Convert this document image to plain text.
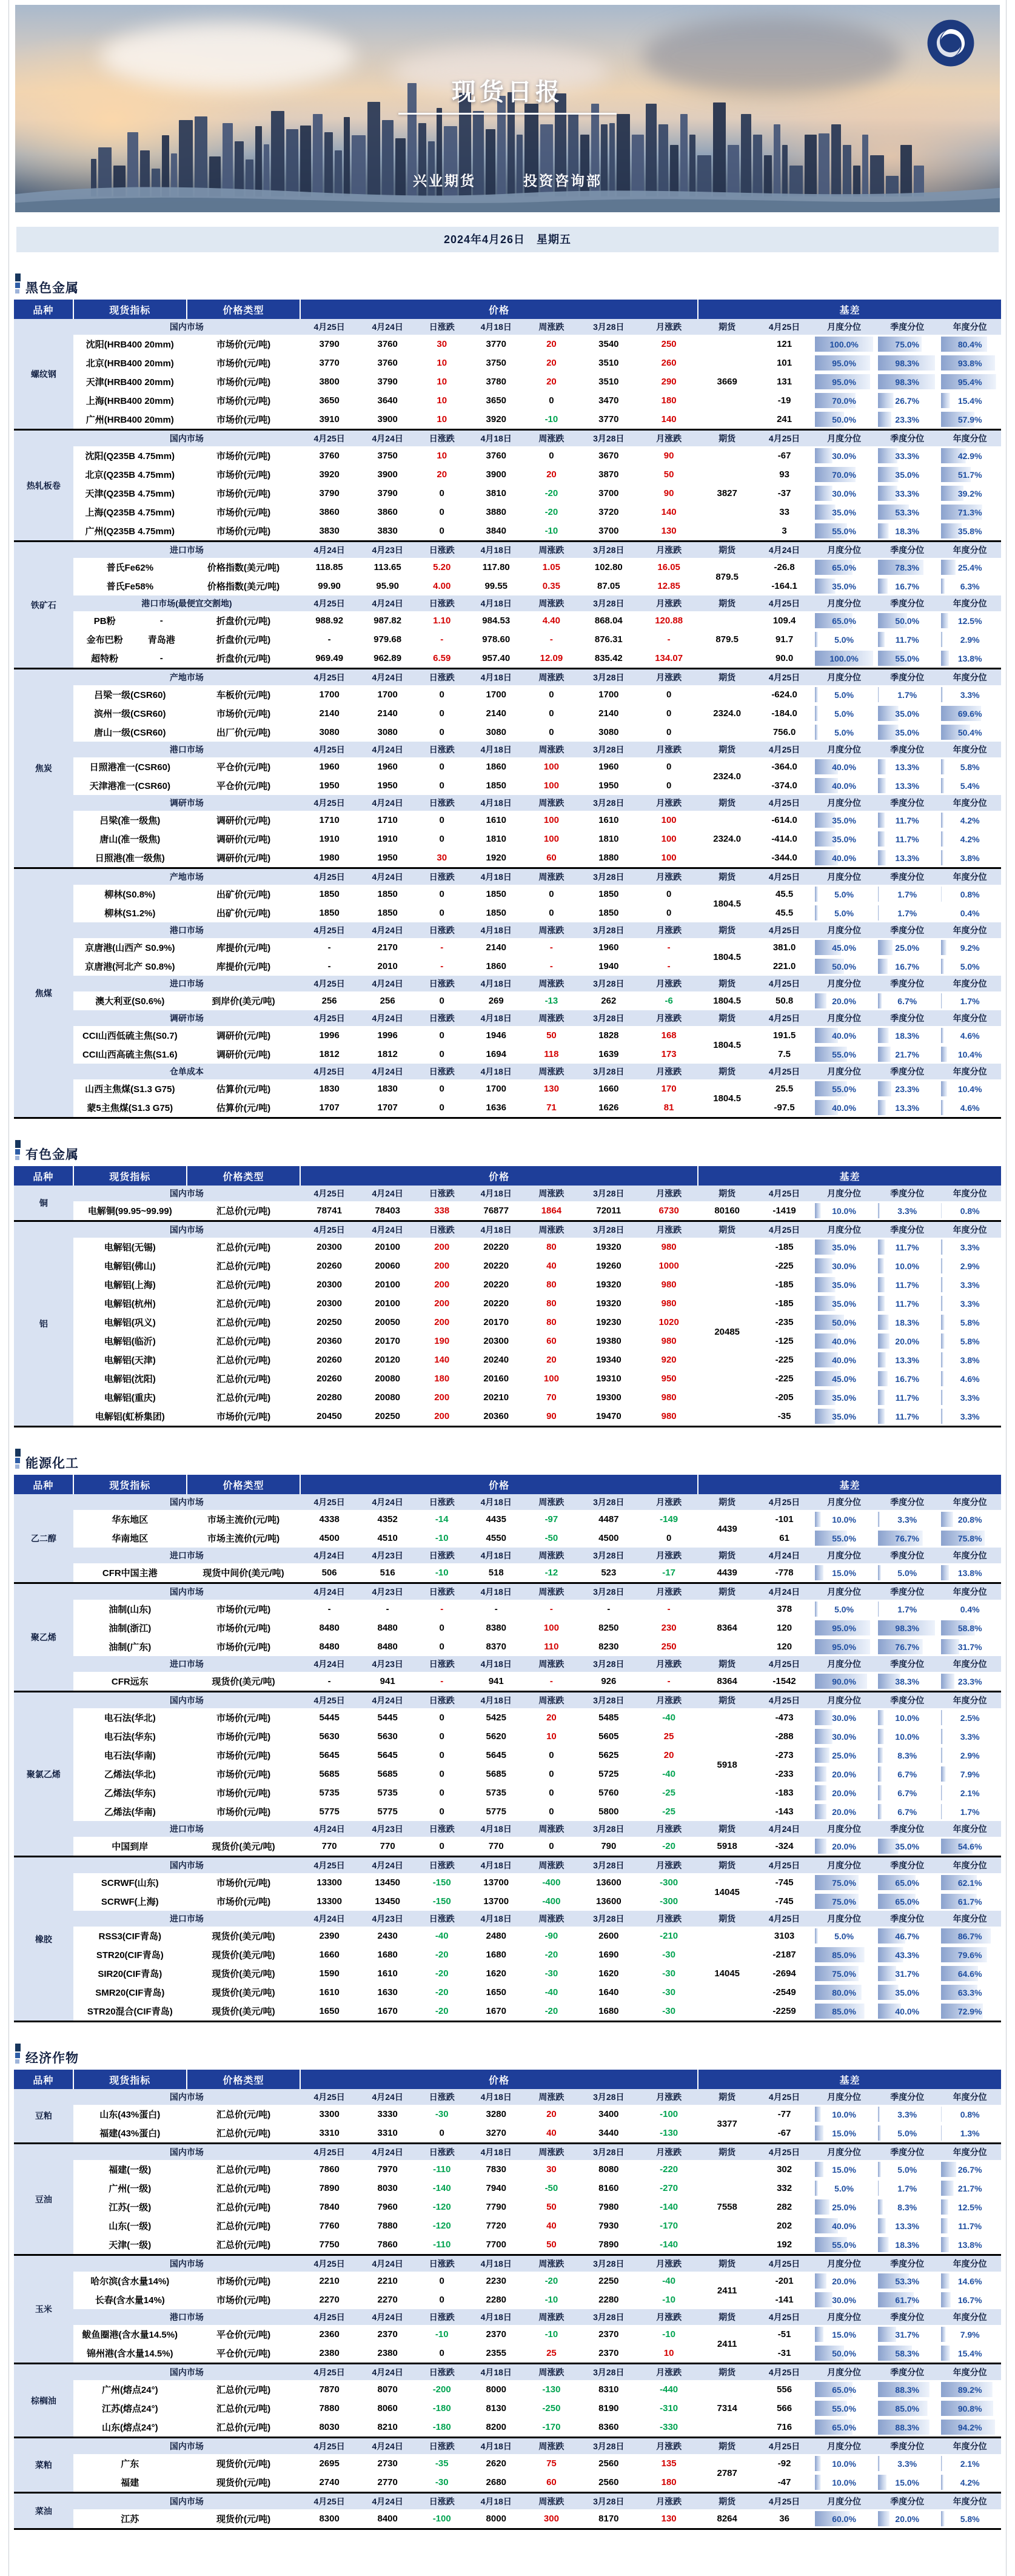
现货日报
兴业期货	投资咨询部
2024年4月26日　星期五
黑色金属
品种	现货指标	价格类型	价格							基差				
螺纹钢	国内市场		4月25日	4月24日	日涨跌	4月18日	周涨跌	3月28日	月涨跌	期货	4月25日	月度分位	季度分位	年度分位
	沈阳(HRB400 20mm)	市场价(元/吨)	3790	3760	30	3770	20	3540	250	3669	121	100.0%	75.0%	80.4%

	北京(HRB400 20mm)	市场价(元/吨)	3770	3760	10	3750	20	3510	260		101	95.0%	98.3%	93.8%

	天津(HRB400 20mm)	市场价(元/吨)	3800	3790	10	3780	20	3510	290		131	95.0%	98.3%	95.4%

	上海(HRB400 20mm)	市场价(元/吨)	3650	3640	10	3650	0	3470	180		-19	70.0%	26.7%	15.4%

	广州(HRB400 20mm)	市场价(元/吨)	3910	3900	10	3920	-10	3770	140		241	50.0%	23.3%	57.9%

热轧板卷	国内市场		4月25日	4月24日	日涨跌	4月18日	周涨跌	3月28日	月涨跌	期货	4月25日	月度分位	季度分位	年度分位
	沈阳(Q235B 4.75mm)	市场价(元/吨)	3760	3750	10	3760	0	3670	90	3827	-67	30.0%	33.3%	42.9%

	北京(Q235B 4.75mm)	市场价(元/吨)	3920	3900	20	3900	20	3870	50		93	70.0%	35.0%	51.7%

	天津(Q235B 4.75mm)	市场价(元/吨)	3790	3790	0	3810	-20	3700	90		-37	30.0%	33.3%	39.2%

	上海(Q235B 4.75mm)	市场价(元/吨)	3860	3860	0	3880	-20	3720	140		33	35.0%	53.3%	71.3%

	广州(Q235B 4.75mm)	市场价(元/吨)	3830	3830	0	3840	-10	3700	130		3	55.0%	18.3%	35.8%

铁矿石	进口市场		4月24日	4月23日	日涨跌	4月18日	周涨跌	3月28日	月涨跌	期货	4月24日	月度分位	季度分位	年度分位
	普氏Fe62%	价格指数(美元/吨)	118.85	113.65	5.20	117.80	1.05	102.80	16.05	879.5	-26.8	65.0%	78.3%	25.4%

	普氏Fe58%	价格指数(美元/吨)	99.90	95.90	4.00	99.55	0.35	87.05	12.85		-164.1	35.0%	16.7%	6.3%

	港口市场(最便宜交割地)		4月25日	4月24日	日涨跌	4月18日	周涨跌	3月28日	月涨跌	期货	4月25日	月度分位	季度分位	年度分位

	PB粉 -	折盘价(元/吨)	988.92	987.82	1.10	984.53	4.40	868.04	120.88	879.5	109.4	65.0%	50.0%	12.5%

	金布巴粉 青岛港	折盘价(元/吨)	-	979.68	-	978.60	-	876.31	-		91.7	5.0%	11.7%	2.9%

	超特粉 -	折盘价(元/吨)	969.49	962.89	6.59	957.40	12.09	835.42	134.07		90.0	100.0%	55.0%	13.8%

焦炭	产地市场		4月25日	4月24日	日涨跌	4月18日	周涨跌	3月28日	月涨跌	期货	4月25日	月度分位	季度分位	年度分位
	吕梁一级(CSR60)	车板价(元/吨)	1700	1700	0	1700	0	1700	0	2324.0	-624.0	5.0%	1.7%	3.3%

	滨州一级(CSR60)	市场价(元/吨)	2140	2140	0	2140	0	2140	0		-184.0	5.0%	35.0%	69.6%

	唐山一级(CSR60)	出厂价(元/吨)	3080	3080	0	3080	0	3080	0		756.0	5.0%	35.0%	50.4%

	港口市场		4月25日	4月24日	日涨跌	4月18日	周涨跌	3月28日	月涨跌	期货	4月25日	月度分位	季度分位	年度分位
	日照港准一(CSR60)	平仓价(元/吨)	1960	1960	0	1860	100	1960	0	2324.0	-364.0	40.0%	13.3%	5.8%

	天津港准一(CSR60)	平仓价(元/吨)	1950	1950	0	1850	100	1950	0		-374.0	40.0%	13.3%	5.4%

	调研市场		4月25日	4月24日	日涨跌	4月18日	周涨跌	3月28日	月涨跌	期货	4月25日	月度分位	季度分位	年度分位
	吕梁(准一级焦)	调研价(元/吨)	1710	1710	0	1610	100	1610	100	2324.0	-614.0	35.0%	11.7%	4.2%

	唐山(准一级焦)	调研价(元/吨)	1910	1910	0	1810	100	1810	100		-414.0	35.0%	11.7%	4.2%

	日照港(准一级焦)	调研价(元/吨)	1980	1950	30	1920	60	1880	100		-344.0	40.0%	13.3%	3.8%

焦煤	产地市场		4月25日	4月24日	日涨跌	4月18日	周涨跌	3月28日	月涨跌	期货	4月25日	月度分位	季度分位	年度分位
	柳林(S0.8%)	出矿价(元/吨)	1850	1850	0	1850	0	1850	0	1804.5	45.5	5.0%	1.7%	0.8%

	柳林(S1.2%)	出矿价(元/吨)	1850	1850	0	1850	0	1850	0		45.5	5.0%	1.7%	0.4%

	港口市场		4月25日	4月24日	日涨跌	4月18日	周涨跌	3月28日	月涨跌	期货	4月25日	月度分位	季度分位	年度分位
	京唐港(山西产 S0.9%)	库提价(元/吨)	-	2170	-	2140	-	1960	-	1804.5	381.0	45.0%	25.0%	9.2%

	京唐港(河北产 S0.8%)	库提价(元/吨)	-	2010	-	1860	-	1940	-		221.0	50.0%	16.7%	5.0%

	进口市场		4月25日	4月24日	日涨跌	4月18日	周涨跌	3月28日	月涨跌	期货	4月25日	月度分位	季度分位	年度分位
	澳大利亚(S0.6%)	到岸价(美元/吨)	256	256	0	269	-13	262	-6	1804.5	50.8	20.0%	6.7%	1.7%

	调研市场		4月25日	4月24日	日涨跌	4月18日	周涨跌	3月28日	月涨跌	期货	4月25日	月度分位	季度分位	年度分位
	CCI山西低硫主焦(S0.7)	调研价(元/吨)	1996	1996	0	1946	50	1828	168	1804.5	191.5	40.0%	18.3%	4.6%

	CCI山西高硫主焦(S1.6)	调研价(元/吨)	1812	1812	0	1694	118	1639	173		7.5	55.0%	21.7%	10.4%

	仓单成本		4月25日	4月24日	日涨跌	4月18日	周涨跌	3月28日	月涨跌	期货	4月25日	月度分位	季度分位	年度分位
	山西主焦煤(S1.3 G75)	估算价(元/吨)	1830	1830	0	1700	130	1660	170	1804.5	25.5	55.0%	23.3%	10.4%

	蒙5主焦煤(S1.3 G75)	估算价(元/吨)	1707	1707	0	1636	71	1626	81		-97.5	40.0%	13.3%	4.6%
有色金属
品种	现货指标	价格类型	价格							基差				
铜	国内市场		4月25日	4月24日	日涨跌	4月18日	周涨跌	3月28日	月涨跌	期货	4月25日	月度分位	季度分位	年度分位
	电解铜(99.95~99.99)	汇总价(元/吨)	78741	78403	338	76877	1864	72011	6730	80160	-1419	10.0%	3.3%	0.8%

铝	国内市场		4月25日	4月24日	日涨跌	4月18日	周涨跌	3月28日	月涨跌	期货	4月25日	月度分位	季度分位	年度分位
	电解铝(无锡)	汇总价(元/吨)	20300	20100	200	20220	80	19320	980	20485	-185	35.0%	11.7%	3.3%

	电解铝(佛山)	汇总价(元/吨)	20260	20060	200	20220	40	19260	1000		-225	30.0%	10.0%	2.9%

	电解铝(上海)	汇总价(元/吨)	20300	20100	200	20220	80	19320	980		-185	35.0%	11.7%	3.3%

	电解铝(杭州)	汇总价(元/吨)	20300	20100	200	20220	80	19320	980		-185	35.0%	11.7%	3.3%

	电解铝(巩义)	汇总价(元/吨)	20250	20050	200	20170	80	19230	1020		-235	50.0%	18.3%	5.8%

	电解铝(临沂)	汇总价(元/吨)	20360	20170	190	20300	60	19380	980		-125	40.0%	20.0%	5.8%

	电解铝(天津)	汇总价(元/吨)	20260	20120	140	20240	20	19340	920		-225	40.0%	13.3%	3.8%

	电解铝(沈阳)	汇总价(元/吨)	20260	20080	180	20160	100	19310	950		-225	45.0%	16.7%	4.6%

	电解铝(重庆)	汇总价(元/吨)	20280	20080	200	20210	70	19300	980		-205	35.0%	11.7%	3.3%

	电解铝(虹桥集团)	市场价(元/吨)	20450	20250	200	20360	90	19470	980		-35	35.0%	11.7%	3.3%
能源化工
品种	现货指标	价格类型	价格							基差				
乙二醇	国内市场		4月25日	4月24日	日涨跌	4月18日	周涨跌	3月28日	月涨跌	期货	4月25日	月度分位	季度分位	年度分位
	华东地区	市场主流价(元/吨)	4338	4352	-14	4435	-97	4487	-149	4439	-101	10.0%	3.3%	20.8%

	华南地区	市场主流价(元/吨)	4500	4510	-10	4550	-50	4500	0		61	55.0%	76.7%	75.8%

	进口市场		4月24日	4月23日	日涨跌	4月18日	周涨跌	3月28日	月涨跌	期货	4月24日	月度分位	季度分位	年度分位
	CFR中国主港	现货中间价(美元/吨)	506	516	-10	518	-12	523	-17	4439	-778	15.0%	5.0%	13.8%

聚乙烯	国内市场		4月24日	4月23日	日涨跌	4月18日	周涨跌	3月28日	月涨跌	期货	4月24日	月度分位	季度分位	年度分位
	油制(山东)	市场价(元/吨)	-	-	-	-	-	-	-	8364	378	5.0%	1.7%	0.4%

	油制(浙江)	市场价(元/吨)	8480	8480	0	8380	100	8250	230		120	95.0%	98.3%	58.8%

	油制(广东)	市场价(元/吨)	8480	8480	0	8370	110	8230	250		120	95.0%	76.7%	31.7%

	进口市场		4月24日	4月23日	日涨跌	4月18日	周涨跌	3月28日	月涨跌	期货	4月25日	月度分位	季度分位	年度分位
	CFR远东	现货价(美元/吨)	-	941	-	941	-	926	-	8364	-1542	90.0%	38.3%	23.3%

聚氯乙烯	国内市场		4月25日	4月24日	日涨跌	4月18日	周涨跌	3月28日	月涨跌	期货	4月25日	月度分位	季度分位	年度分位
	电石法(华北)	市场价(元/吨)	5445	5445	0	5425	20	5485	-40	5918	-473	30.0%	10.0%	2.5%

	电石法(华东)	市场价(元/吨)	5630	5630	0	5620	10	5605	25		-288	30.0%	10.0%	3.3%

	电石法(华南)	市场价(元/吨)	5645	5645	0	5645	0	5625	20		-273	25.0%	8.3%	2.9%

	乙烯法(华北)	市场价(元/吨)	5685	5685	0	5685	0	5725	-40		-233	20.0%	6.7%	7.9%

	乙烯法(华东)	市场价(元/吨)	5735	5735	0	5735	0	5760	-25		-183	20.0%	6.7%	2.1%

	乙烯法(华南)	市场价(元/吨)	5775	5775	0	5775	0	5800	-25		-143	20.0%	6.7%	1.7%

	进口市场		4月24日	4月23日	日涨跌	4月18日	周涨跌	3月28日	月涨跌	期货	4月24日	月度分位	季度分位	年度分位
	中国到岸	现货价(美元/吨)	770	770	0	770	0	790	-20	5918	-324	20.0%	35.0%	54.6%

橡胶	国内市场		4月25日	4月24日	日涨跌	4月18日	周涨跌	3月28日	月涨跌	期货	4月25日	月度分位	季度分位	年度分位
	SCRWF(山东)	市场价(元/吨)	13300	13450	-150	13700	-400	13600	-300	14045	-745	75.0%	65.0%	62.1%

	SCRWF(上海)	市场价(元/吨)	13300	13450	-150	13700	-400	13600	-300		-745	75.0%	65.0%	61.7%

	进口市场		4月24日	4月23日	日涨跌	4月18日	周涨跌	3月28日	月涨跌	期货	4月25日	月度分位	季度分位	年度分位
	RSS3(CIF青岛)	现货价(美元/吨)	2390	2430	-40	2480	-90	2600	-210	14045	3103	5.0%	46.7%	86.7%

	STR20(CIF青岛)	现货价(美元/吨)	1660	1680	-20	1680	-20	1690	-30		-2187	85.0%	43.3%	79.6%

	SIR20(CIF青岛)	现货价(美元/吨)	1590	1610	-20	1620	-30	1620	-30		-2694	75.0%	31.7%	64.6%

	SMR20(CIF青岛)	现货价(美元/吨)	1610	1630	-20	1650	-40	1640	-30		-2549	80.0%	35.0%	63.3%

	STR20混合(CIF青岛)	现货价(美元/吨)	1650	1670	-20	1670	-20	1680	-30		-2259	85.0%	40.0%	72.9%
经济作物
品种	现货指标	价格类型	价格							基差				
豆粕	国内市场		4月25日	4月24日	日涨跌	4月18日	周涨跌	3月28日	月涨跌	期货	4月25日	月度分位	季度分位	年度分位
	山东(43%蛋白)	汇总价(元/吨)	3300	3330	-30	3280	20	3400	-100	3377	-77	10.0%	3.3%	0.8%

	福建(43%蛋白)	汇总价(元/吨)	3310	3310	0	3270	40	3440	-130		-67	15.0%	5.0%	1.3%

豆油	国内市场		4月25日	4月24日	日涨跌	4月18日	周涨跌	3月28日	月涨跌	期货	4月25日	月度分位	季度分位	年度分位
	福建(一级)	汇总价(元/吨)	7860	7970	-110	7830	30	8080	-220	7558	302	15.0%	5.0%	26.7%

	广州(一级)	汇总价(元/吨)	7890	8030	-140	7940	-50	8160	-270		332	5.0%	1.7%	21.7%

	江苏(一级)	汇总价(元/吨)	7840	7960	-120	7790	50	7980	-140		282	25.0%	8.3%	12.5%

	山东(一级)	汇总价(元/吨)	7760	7880	-120	7720	40	7930	-170		202	40.0%	13.3%	11.7%

	天津(一级)	汇总价(元/吨)	7750	7860	-110	7700	50	7890	-140		192	55.0%	18.3%	13.8%

玉米	国内市场		4月25日	4月24日	日涨跌	4月18日	周涨跌	3月28日	月涨跌	期货	4月25日	月度分位	季度分位	年度分位
	哈尔滨(含水量14%)	市场价(元/吨)	2210	2210	0	2230	-20	2250	-40	2411	-201	20.0%	53.3%	14.6%

	长春(含水量14%)	市场价(元/吨)	2270	2270	0	2280	-10	2280	-10		-141	30.0%	61.7%	16.7%

	港口市场		4月25日	4月24日	日涨跌	4月18日	周涨跌	3月28日	月涨跌	期货	4月25日	月度分位	季度分位	年度分位
	鲅鱼圈港(含水量14.5%)	平仓价(元/吨)	2360	2370	-10	2370	-10	2370	-10	2411	-51	15.0%	31.7%	7.9%

	锦州港(含水量14.5%)	平仓价(元/吨)	2380	2380	0	2355	25	2370	10		-31	50.0%	58.3%	15.4%

棕榈油	国内市场		4月25日	4月24日	日涨跌	4月18日	周涨跌	3月28日	月涨跌	期货	4月25日	月度分位	季度分位	年度分位
	广州(熔点24°)	汇总价(元/吨)	7870	8070	-200	8000	-130	8310	-440	7314	556	65.0%	88.3%	89.2%

	江苏(熔点24°)	汇总价(元/吨)	7880	8060	-180	8130	-250	8190	-310		566	55.0%	85.0%	90.8%

	山东(熔点24°)	汇总价(元/吨)	8030	8210	-180	8200	-170	8360	-330		716	65.0%	88.3%	94.2%

菜粕	国内市场		4月25日	4月24日	日涨跌	4月18日	周涨跌	3月28日	月涨跌	期货	4月25日	月度分位	季度分位	年度分位
	广东	现货价(元/吨)	2695	2730	-35	2620	75	2560	135	2787	-92	10.0%	3.3%	2.1%

	福建	现货价(元/吨)	2740	2770	-30	2680	60	2560	180		-47	10.0%	15.0%	4.2%

菜油	国内市场		4月25日	4月24日	日涨跌	4月18日	周涨跌	3月28日	月涨跌	期货	4月25日	月度分位	季度分位	年度分位
	江苏	现货价(元/吨)	8300	8400	-100	8000	300	8170	130	8264	36	60.0%	20.0%	5.8%
